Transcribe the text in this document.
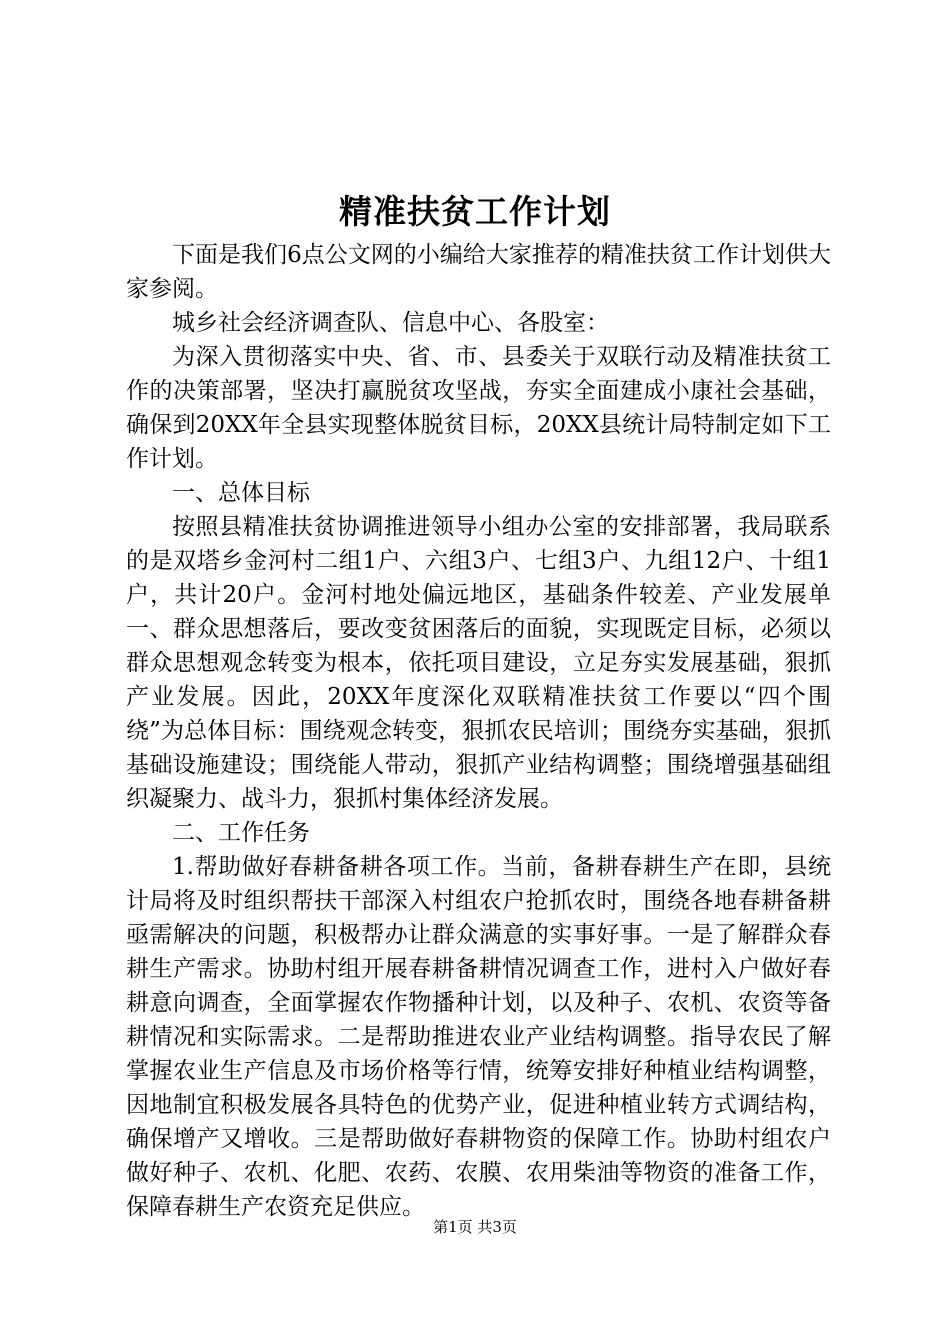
精准扶贫工作计划

下面是我们6点公文网的小编给大家推荐的精准扶贫工作计划供大家参阅。

城乡社会经济调查队、信息中心、各股室：

为深入贯彻落实中央、省、市、县委关于双联行动及精准扶贫工作的决策部署，坚决打赢脱贫攻坚战，夯实全面建成小康社会基础，确保到20XX年全县实现整体脱贫目标，20XX县统计局特制定如下工作计划。

一、总体目标

按照县精准扶贫协调推进领导小组办公室的安排部署，我局联系的是双塔乡金河村二组1户、六组3户、七组3户、九组12户、十组1户，共计20户。金河村地处偏远地区，基础条件较差、产业发展单一、群众思想落后，要改变贫困落后的面貌，实现既定目标，必须以群众思想观念转变为根本，依托项目建设，立足夯实发展基础，狠抓产业发展。因此，20XX年度深化双联精准扶贫工作要以“四个围绕”为总体目标：围绕观念转变，狠抓农民培训；围绕夯实基础，狠抓基础设施建设；围绕能人带动，狠抓产业结构调整；围绕增强基础组织凝聚力、战斗力，狠抓村集体经济发展。

二、工作任务

1.帮助做好春耕备耕各项工作。当前，备耕春耕生产在即，县统计局将及时组织帮扶干部深入村组农户抢抓农时，围绕各地春耕备耕亟需解决的问题，积极帮办让群众满意的实事好事。一是了解群众春耕生产需求。协助村组开展春耕备耕情况调查工作，进村入户做好春耕意向调查，全面掌握农作物播种计划，以及种子、农机、农资等备耕情况和实际需求。二是帮助推进农业产业结构调整。指导农民了解掌握农业生产信息及市场价格等行情，统筹安排好种植业结构调整，因地制宜积极发展各具特色的优势产业，促进种植业转方式调结构，确保增产又增收。三是帮助做好春耕物资的保障工作。协助村组农户做好种子、农机、化肥、农药、农膜、农用柴油等物资的准备工作，保障春耕生产农资充足供应。

第1页 共3页
